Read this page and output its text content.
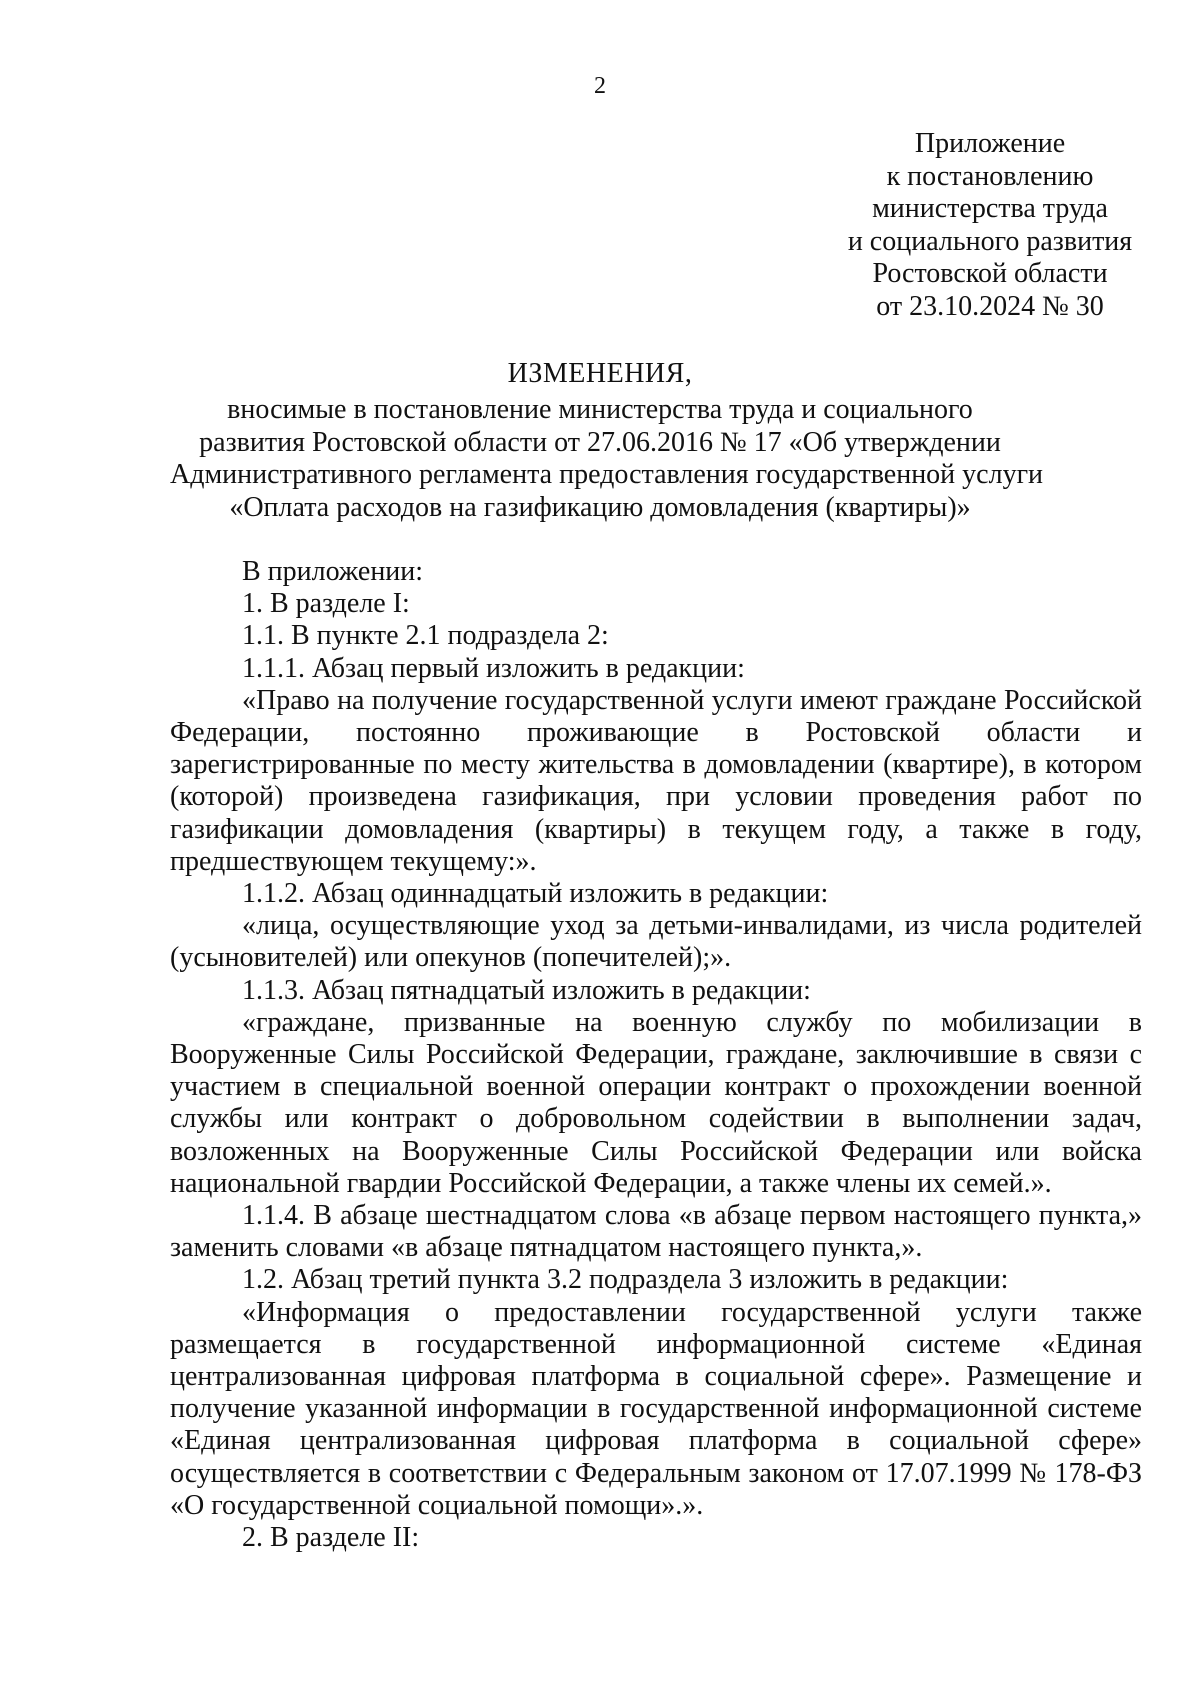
2
Приложение
к постановлению
министерства труда
и социального развития
Ростовской области
от 23.10.2024 № 30
ИЗМЕНЕНИЯ,
вносимые в постановление министерства труда и социального
развития Ростовской области от 27.06.2016 № 17 «Об утверждении
Административного регламента предоставления государственной услуги
«Оплата расходов на газификацию домовладения (квартиры)»

В приложении:

1. В разделе I:

1.1. В пункте 2.1 подраздела 2:

1.1.1. Абзац первый изложить в редакции:

«Право на получение государственной услуги имеют граждане Российской Федерации, постоянно проживающие в Ростовской области и зарегистрированные по месту жительства в домовладении (квартире), в котором (которой) произведена газификация, при условии проведения работ по газификации домовладения (квартиры) в текущем году, а также в году, предшествующем текущему:».

1.1.2. Абзац одиннадцатый изложить в редакции:

«лица, осуществляющие уход за детьми-инвалидами, из числа родителей (усыновителей) или опекунов (попечителей);».

1.1.3. Абзац пятнадцатый изложить в редакции:

«граждане, призванные на военную службу по мобилизации в Вооруженные Силы Российской Федерации, граждане, заключившие в связи с участием в специальной военной операции контракт о прохождении военной службы или контракт о добровольном содействии в выполнении задач, возложенных на Вооруженные Силы Российской Федерации или войска национальной гвардии Российской Федерации, а также члены их семей.».

1.1.4. В абзаце шестнадцатом слова «в абзаце первом настоящего пункта,» заменить словами «в абзаце пятнадцатом настоящего пункта,».

1.2. Абзац третий пункта 3.2 подраздела 3 изложить в редакции:

«Информация о предоставлении государственной услуги также размещается в государственной информационной системе «Единая централизованная цифровая платформа в социальной сфере». Размещение и получение указанной информации в государственной информационной системе «Единая централизованная цифровая платформа в социальной сфере» осуществляется в соответствии с Федеральным законом от 17.07.1999 № 178-ФЗ «О государственной социальной помощи».».

2. В разделе II:
